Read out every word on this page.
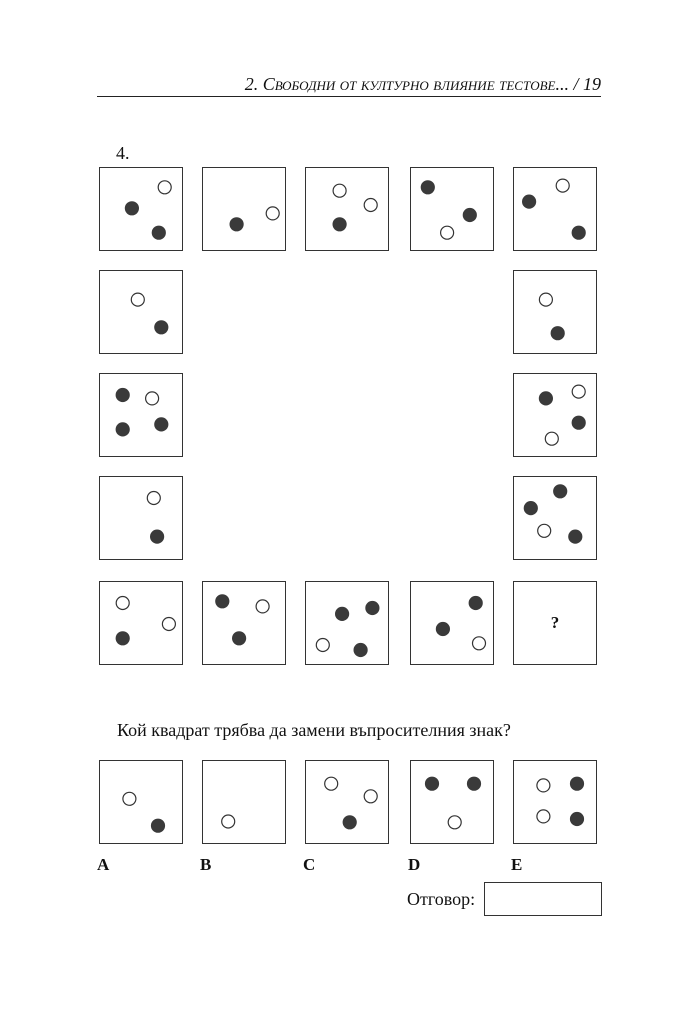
2. Свободни от културно влияние тестове... / 19
4.
?
Кой квадрат трябва да замени въпросителния знак?
A	B	C	D	E
Отговор:
